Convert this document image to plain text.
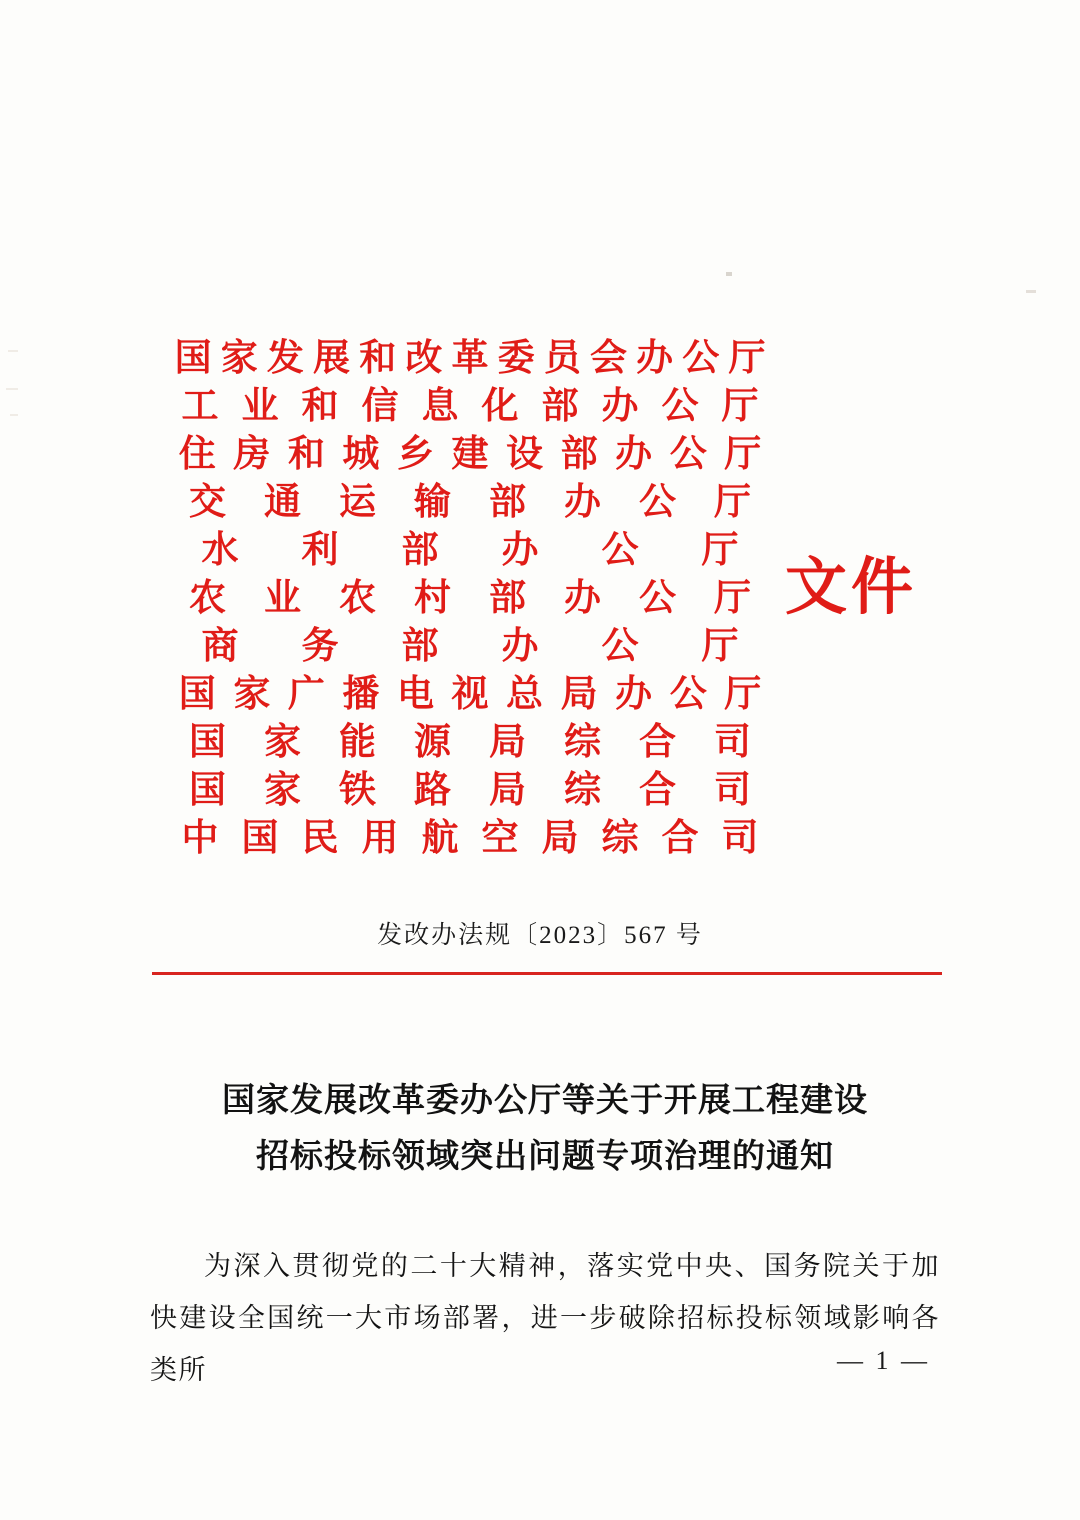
国 家 发 展 和 改 革 委 员 会 办 公 厅
工 业 和 信 息 化 部 办 公 厅
住 房 和 城 乡 建 设 部 办 公 厅
交	通	运	输	部	办	公	厅
水	利	部	办	公	厅
农	业	农	村	部	办	公	厅
商	务	部	办	公	厅
国 家 广 播 电 视 总 局 办 公 厅
国	家	能	源	局	综	合	司
国	家	铁	路	局	综	合	司
中 国 民 用 航 空 局 综 合 司
文件
发改办法规〔2023〕567 号
国家发展改革委办公厅等关于开展工程建设
招标投标领域突出问题专项治理的通知

为深入贯彻党的二十大精神，落实党中央、国务院关于加快建设全国统一大市场部署，进一步破除招标投标领域影响各类所	— 1 —
